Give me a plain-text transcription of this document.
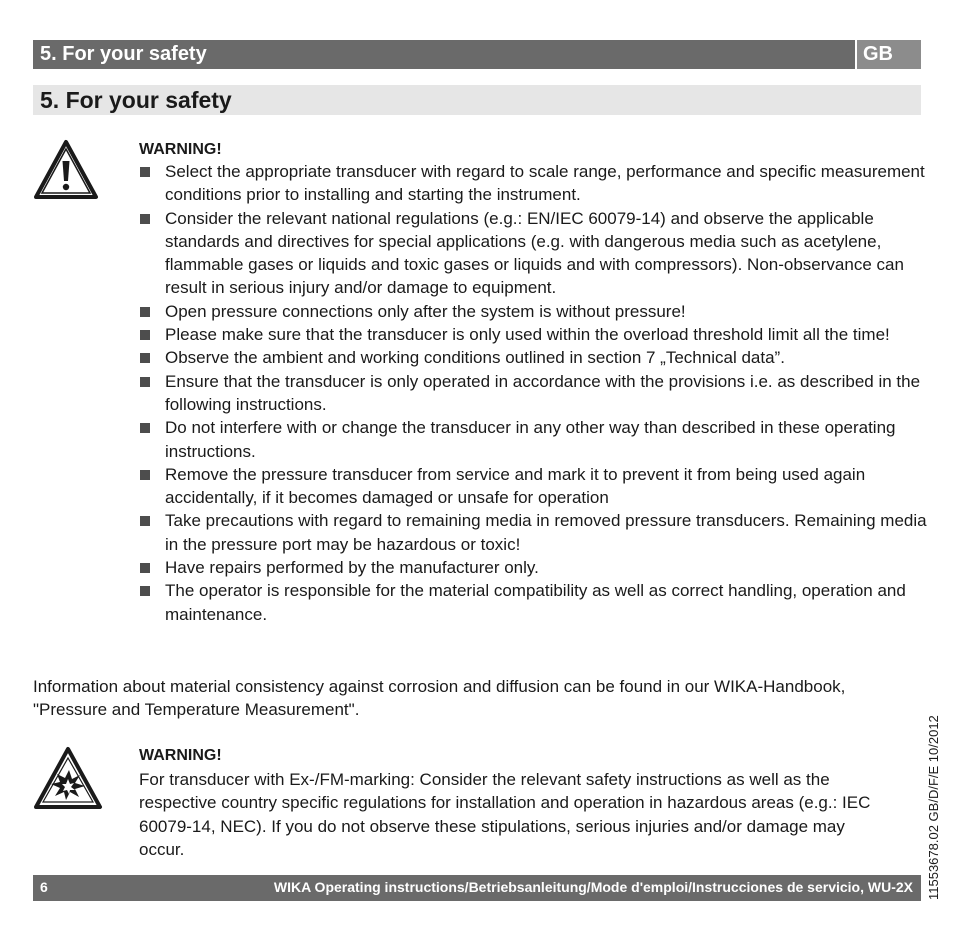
5. For your safety	GB
5. For your safety
WARNING!
Select the appropriate transducer with regard to scale range, performance and specific measurement conditions prior to installing and starting the instrument.
Consider the relevant national regulations (e.g.: EN/IEC 60079-14) and observe the applicable standards and directives for special applications (e.g. with dangerous media such as acetylene, flammable gases or liquids and toxic gases or liquids and with compressors). Non-observance can result in serious injury and/or damage to equipment.
Open pressure connections only after the system is without pressure!
Please make sure that the transducer is only used within the overload threshold limit all the time!
Observe the ambient and working conditions outlined in section 7 „Technical data”.
Ensure that the transducer is only operated in accordance with the provisions i.e. as described in the following instructions.
Do not interfere with or change the transducer in any other way than described in these operating instructions.
Remove the pressure transducer from service and mark it to prevent it from being used again accidentally, if it becomes damaged or unsafe for operation
Take precautions with regard to remaining media in removed pressure transducers. Remaining media in the pressure port may be hazardous or toxic!
Have repairs performed by the manufacturer only.
The operator is responsible for the material compatibility as well as correct handling, operation and maintenance.
Information about material consistency against corrosion and diffusion can be found in our WIKA-Handbook, "Pressure and Temperature Measurement".
WARNING!
For transducer with Ex-/FM-marking: Consider the relevant safety instructions as well as the respective country specific regulations for installation and operation in hazardous areas (e.g.: IEC 60079-14, NEC). If you do not observe these stipulations, serious injuries and/or damage may occur.	11553678.02 GB/D/F/E 10/2012
6	WIKA Operating instructions/Betriebsanleitung/Mode d'emploi/Instrucciones de servicio, WU-2X
